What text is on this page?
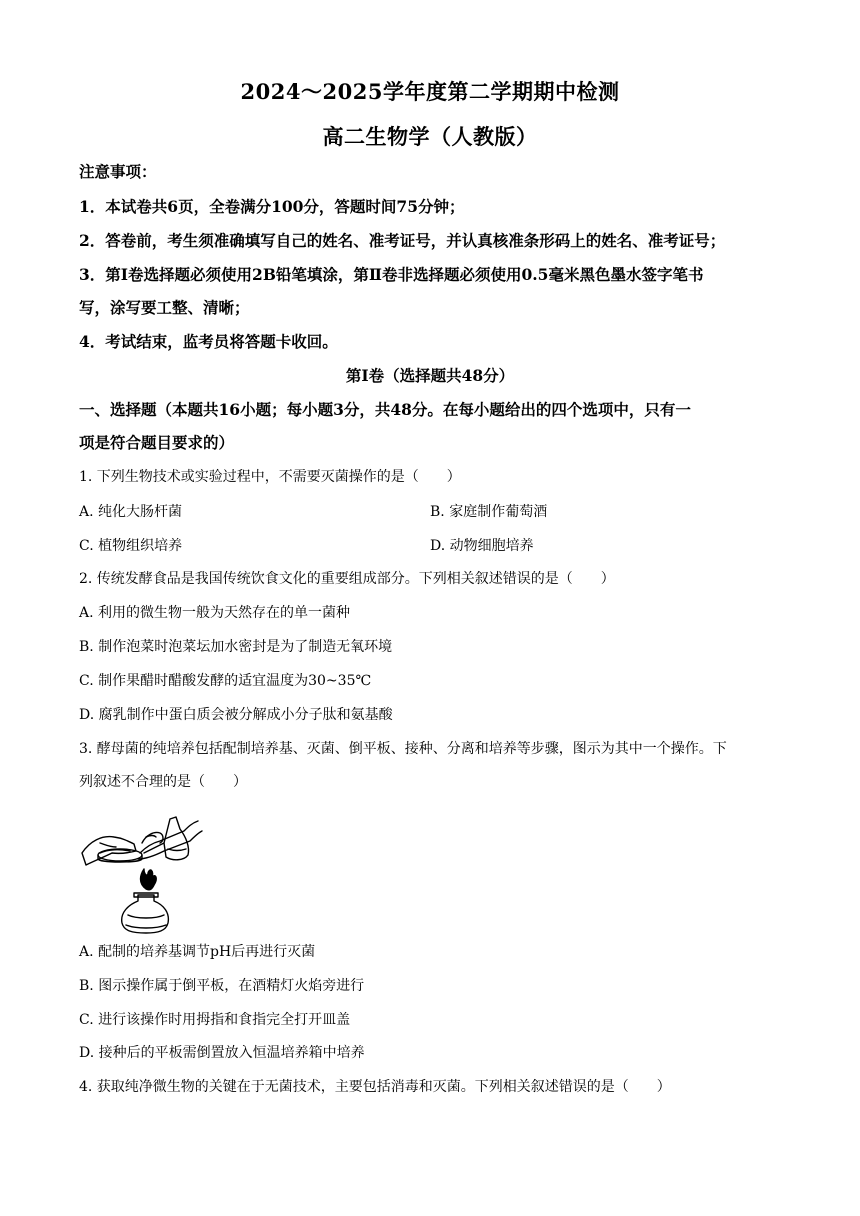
2024～2025学年度第二学期期中检测
高二生物学（人教版）
注意事项：
1．本试卷共6页，全卷满分100分，答题时间75分钟；
2．答卷前，考生须准确填写自己的姓名、准考证号，并认真核准条形码上的姓名、准考证号；
3．第I卷选择题必须使用2B铅笔填涂，第Ⅱ卷非选择题必须使用0.5毫米黑色墨水签字笔书
写，涂写要工整、清晰；
4．考试结束，监考员将答题卡收回。
第I卷（选择题共48分）
一、选择题（本题共16小题；每小题3分，共48分。在每小题给出的四个选项中，只有一
项是符合题目要求的）
1. 下列生物技术或实验过程中，不需要灭菌操作的是（　　）
A. 纯化大肠杆菌	B. 家庭制作葡萄酒
C. 植物组织培养	D. 动物细胞培养
2. 传统发酵食品是我国传统饮食文化的重要组成部分。下列相关叙述错误的是（　　）
A. 利用的微生物一般为天然存在的单一菌种
B. 制作泡菜时泡菜坛加水密封是为了制造无氧环境
C. 制作果醋时醋酸发酵的适宜温度为30~35℃
D. 腐乳制作中蛋白质会被分解成小分子肽和氨基酸
3. 酵母菌的纯培养包括配制培养基、灭菌、倒平板、接种、分离和培养等步骤，图示为其中一个操作。下
列叙述不合理的是（　　）
A. 配制的培养基调节pH后再进行灭菌
B. 图示操作属于倒平板，在酒精灯火焰旁进行
C. 进行该操作时用拇指和食指完全打开皿盖
D. 接种后的平板需倒置放入恒温培养箱中培养
4. 获取纯净微生物的关键在于无菌技术，主要包括消毒和灭菌。下列相关叙述错误的是（　　）
